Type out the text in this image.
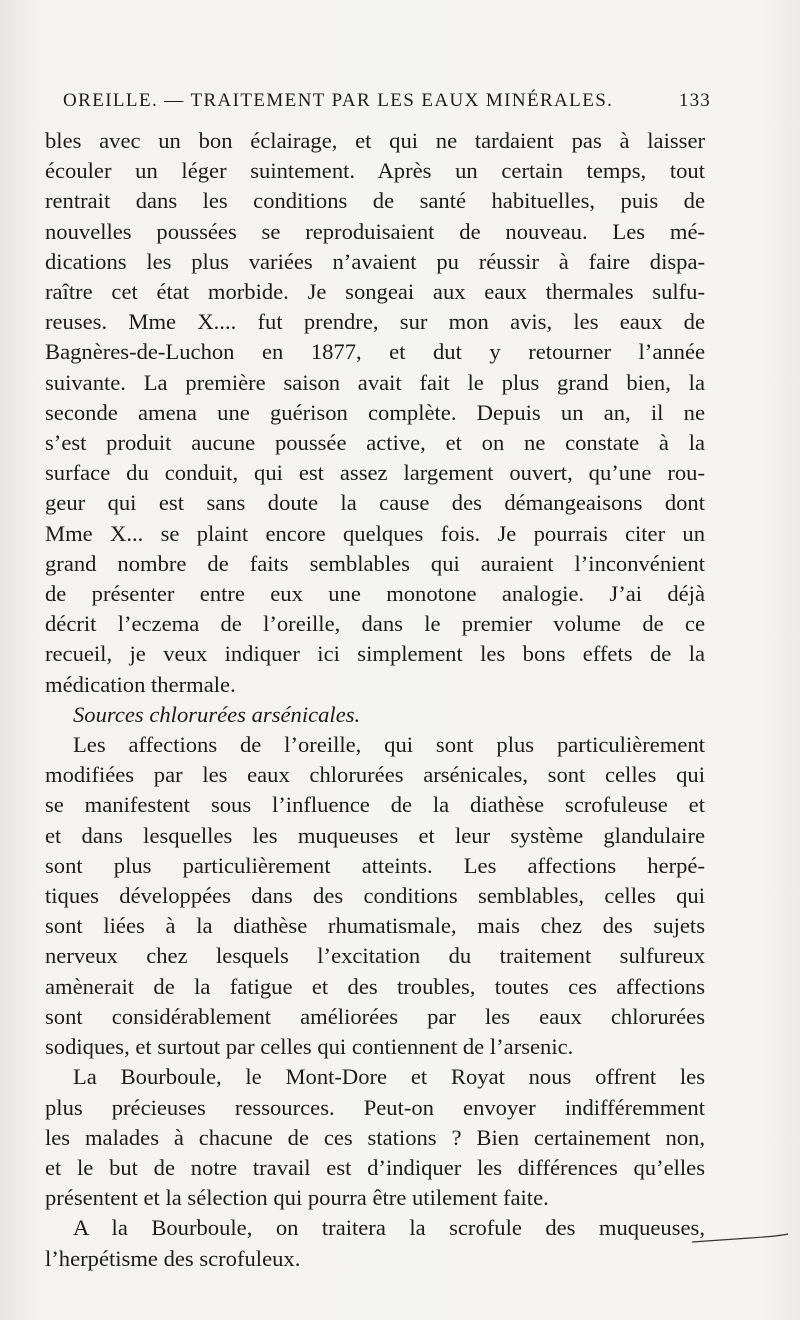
OREILLE. — TRAITEMENT PAR LES EAUX MINÉRALES.	133
bles avec un bon éclairage, et qui ne tardaient pas à laisser
écouler un léger suintement. Après un certain temps, tout
rentrait dans les conditions de santé habituelles, puis de
nouvelles poussées se reproduisaient de nouveau. Les mé-
dications les plus variées n’avaient pu réussir à faire dispa-
raître cet état morbide. Je songeai aux eaux thermales sulfu-
reuses. Mme X.... fut prendre, sur mon avis, les eaux de
Bagnères-de-Luchon en 1877, et dut y retourner l’année
suivante. La première saison avait fait le plus grand bien, la
seconde amena une guérison complète. Depuis un an, il ne
s’est produit aucune poussée active, et on ne constate à la
surface du conduit, qui est assez largement ouvert, qu’une rou-
geur qui est sans doute la cause des démangeaisons dont
Mme X... se plaint encore quelques fois. Je pourrais citer un
grand nombre de faits semblables qui auraient l’inconvénient
de présenter entre eux une monotone analogie. J’ai déjà
décrit l’eczema de l’oreille, dans le premier volume de ce
recueil, je veux indiquer ici simplement les bons effets de la
médication thermale.
Sources chlorurées arsénicales.
Les affections de l’oreille, qui sont plus particulièrement
modifiées par les eaux chlorurées arsénicales, sont celles qui
se manifestent sous l’influence de la diathèse scrofuleuse et
et dans lesquelles les muqueuses et leur système glandulaire
sont plus particulièrement atteints. Les affections herpé-
tiques développées dans des conditions semblables, celles qui
sont liées à la diathèse rhumatismale, mais chez des sujets
nerveux chez lesquels l’excitation du traitement sulfureux
amènerait de la fatigue et des troubles, toutes ces affections
sont considérablement améliorées par les eaux chlorurées
sodiques, et surtout par celles qui contiennent de l’arsenic.
La Bourboule, le Mont-Dore et Royat nous offrent les
plus précieuses ressources. Peut-on envoyer indifféremment
les malades à chacune de ces stations ? Bien certainement non,
et le but de notre travail est d’indiquer les différences qu’elles
présentent et la sélection qui pourra être utilement faite.
A la Bourboule, on traitera la scrofule des muqueuses,
l’herpétisme des scrofuleux.
